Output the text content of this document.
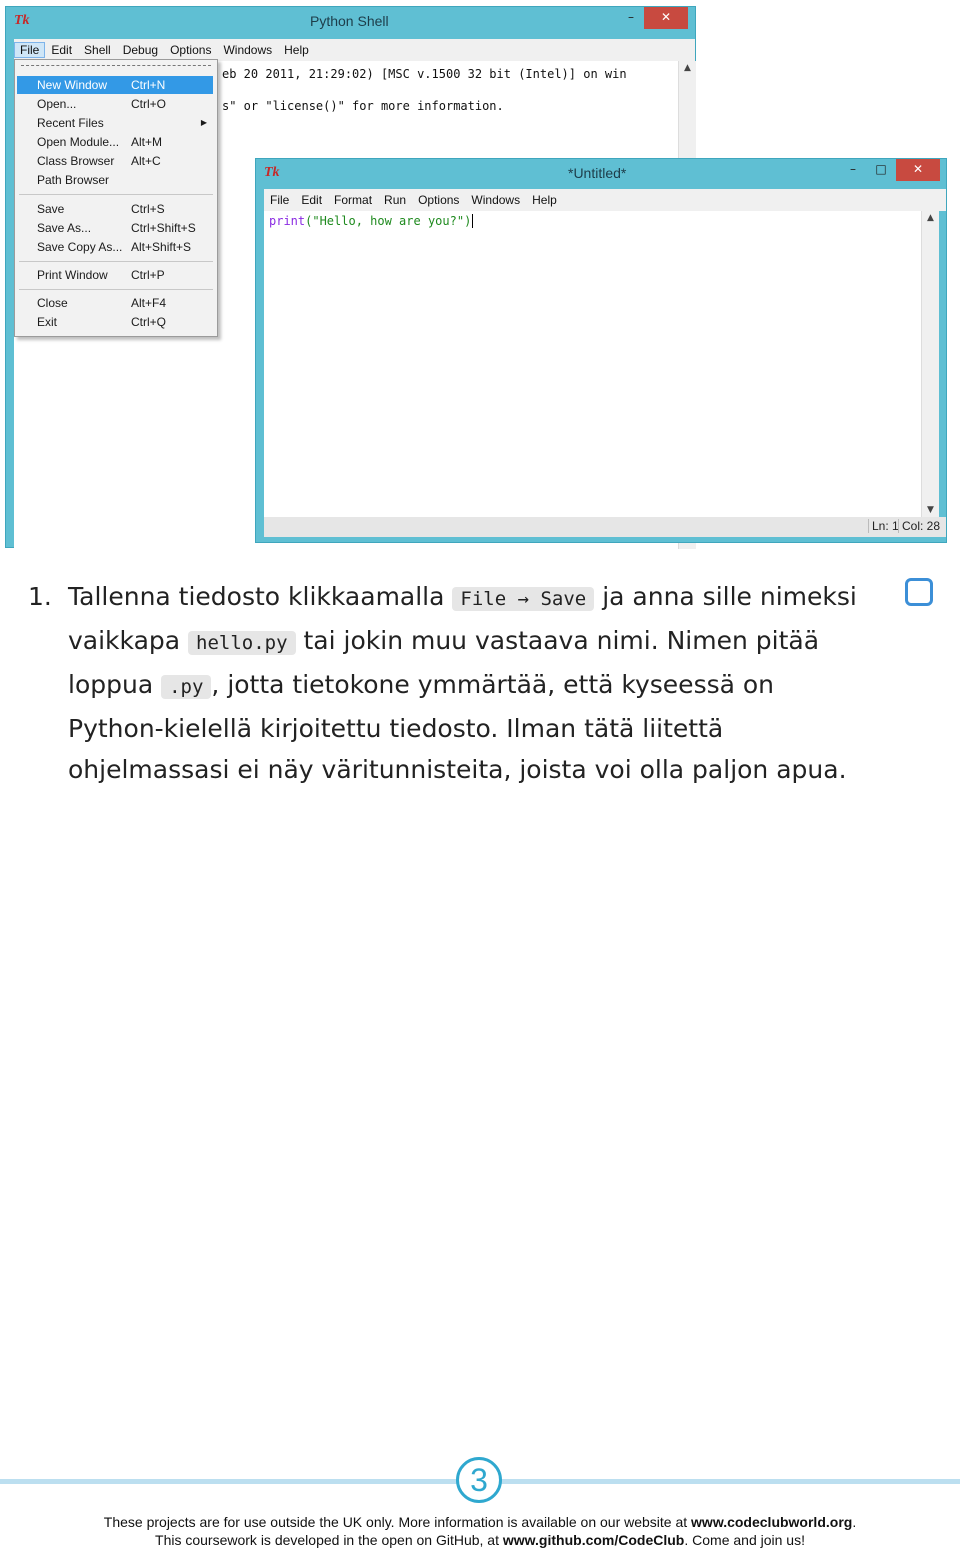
Tk	Python Shell	–	✕
File	Edit	Shell	Debug	Options	Windows	Help
eb 20 2011, 21:29:02) [MSC v.1500 32 bit (Intel)] on win
s" or "license()" for more information.
▲
New Window Ctrl+N
Open...	Ctrl+O
Recent Files	▶
Open Module... Alt+M
Class Browser Alt+C
Path Browser
Save	Ctrl+S
Save As...	Ctrl+Shift+S
Save Copy As... Alt+Shift+S
Print Window Ctrl+P
Close	Alt+F4
Exit	Ctrl+Q
Tk	*Untitled*	–	□	✕
File	Edit	Format	Run	Options	Windows	Help
print("Hello, how are you?")	▲
▼
Ln: 1 Col: 28
1. Tallenna tiedosto klikkaamalla File → Save ja anna sille nimeksi vaikkapa hello.py tai jokin muu vastaava nimi. Nimen pitää loppua .py , jotta tietokone ymmärtää, että kyseessä on Python-kielellä kirjoitettu tiedosto. Ilman tätä liitettä ohjelmassasi ei näy väritunnisteita, joista voi olla paljon apua.
3
These projects are for use outside the UK only. More information is available on our website at www.codeclubworld.org.
This coursework is developed in the open on GitHub, at www.github.com/CodeClub. Come and join us!
